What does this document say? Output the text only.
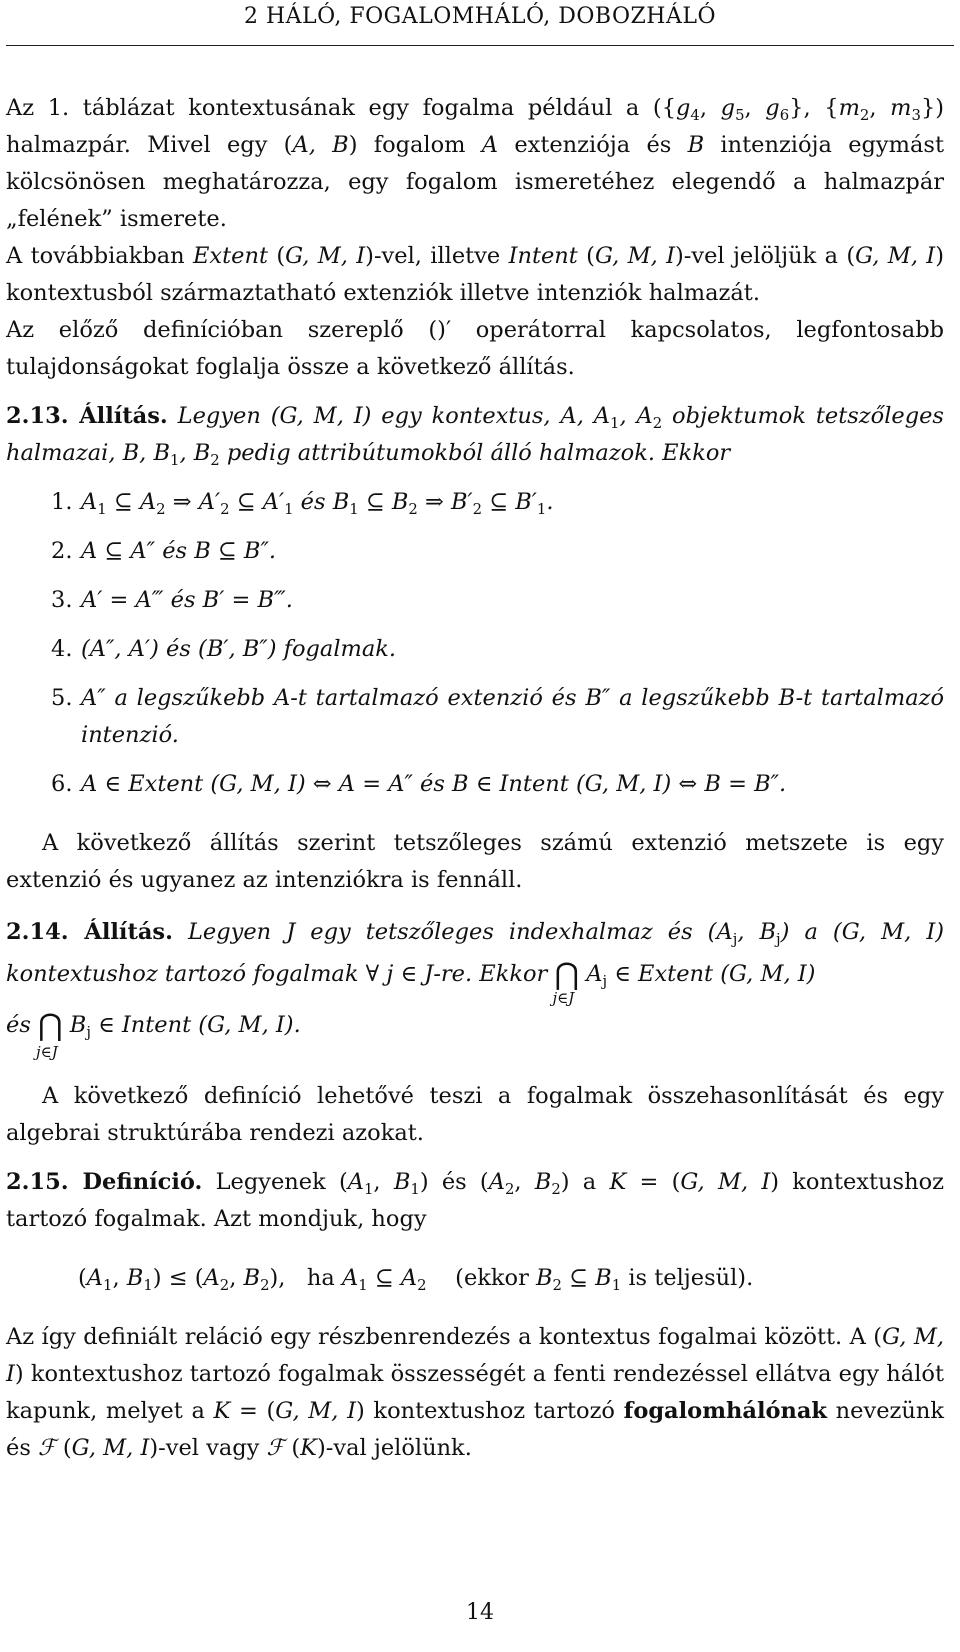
2 HÁLÓ, FOGALOMHÁLÓ, DOBOZHÁLÓ

Az 1. táblázat kontextusának egy fogalma például a ({$g_4$, $g_5$, $g_6$}, {$m_2$, $m_3$}) halmazpár. Mivel egy (A, B) fogalom A extenziója és B intenziója egymást kölcsönösen meghatározza, egy fogalom ismeretéhez elegendő a halmazpár „felének” ismerete.

A továbbiakban Extent (G, M, I)-vel, illetve Intent (G, M, I)-vel jelöljük a (G, M, I) kontextusból származtatható extenziók illetve intenziók halmazát.

Az előző definícióban szereplő ()′ operátorral kapcsolatos, legfontosabb tulajdonságokat foglalja össze a következő állítás.

2.13. Állítás. Legyen (G, M, I) egy kontextus, A, $A_1$, $A_2$ objektumok tetszőleges halmazai, B, $B_1$, $B_2$ pedig attribútumokból álló halmazok. Ekkor

1. $A_1$ ⊆ $A_2$ ⇒ $A'_2$ ⊆ $A'_1$ és $B_1$ ⊆ $B_2$ ⇒ $B'_2$ ⊆ $B'_1$.
2. A ⊆ A″ és B ⊆ B″.
3. A′ = A‴ és B′ = B‴.
4. (A″, A′) és (B′, B″) fogalmak.
5. A″ a legszűkebb A-t tartalmazó extenzió és B″ a legszűkebb B-t tartalmazó intenzió.
6. A ∈ Extent (G, M, I) ⇔ A = A″ és B ∈ Intent (G, M, I) ⇔ B = B″.

A következő állítás szerint tetszőleges számú extenzió metszete is egy extenzió és ugyanez az intenziókra is fennáll.

2.14. Állítás. Legyen J egy tetszőleges indexhalmaz és ($A_j$, $B_j$) a (G, M, I) kontextushoz tartozó fogalmak ∀ j ∈ J-re. Ekkor ⋂
j∈J
$A_j$ ∈ Extent (G, M, I)

és ⋂
j∈J
$B_j$ ∈ Intent (G, M, I).

A következő definíció lehetővé teszi a fogalmak összehasonlítását és egy algebrai struktúrába rendezi azokat.

2.15. Definíció. Legyenek ($A_1$, $B_1$) és ($A_2$, $B_2$) a K = (G, M, I) kontextushoz tartozó fogalmak. Azt mondjuk, hogy

($A_1$, $B_1) \le (A_2$, $B_2$),   ha $A_1$ ⊆ $A_2$ (ekkor $B_2$ ⊆ $B_1$ is teljesül).

Az így definiált reláció egy részbenrendezés a kontextus fogalmai között. A (G, M, I) kontextushoz tartozó fogalmak összességét a fenti rendezéssel ellátva egy hálót kapunk, melyet a K = (G, M, I) kontextushoz tartozó fogalomhálónak nevezünk és ℱ (G, M, I)-vel vagy ℱ (K)-val jelölünk.

14
